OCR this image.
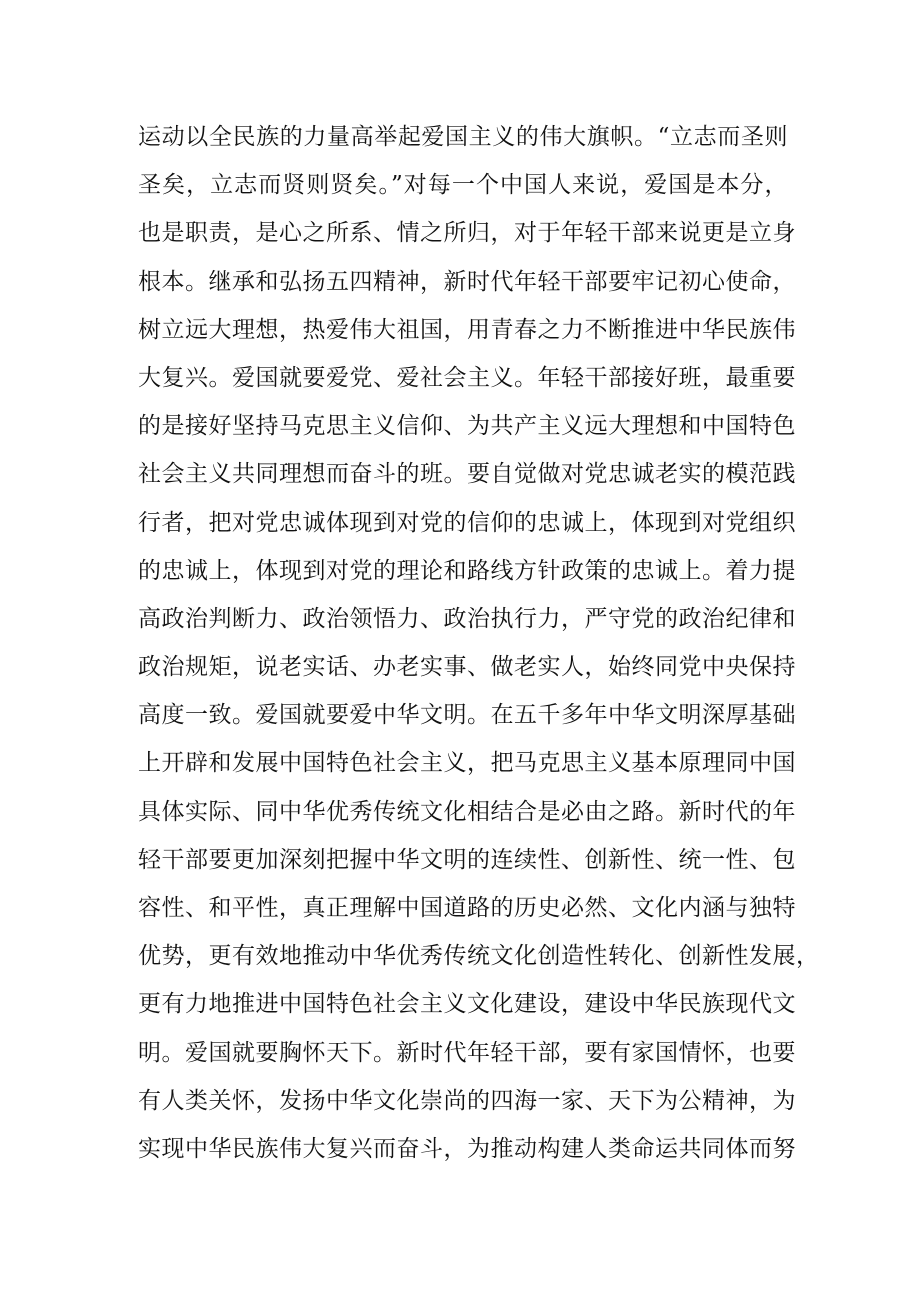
运动以全民族的力量高举起爱国主义的伟大旗帜。“立志而圣则
圣矣，立志而贤则贤矣。”对每一个中国人来说，爱国是本分，
也是职责，是心之所系、情之所归，对于年轻干部来说更是立身
根本。继承和弘扬五四精神，新时代年轻干部要牢记初心使命，
树立远大理想，热爱伟大祖国，用青春之力不断推进中华民族伟
大复兴。爱国就要爱党、爱社会主义。年轻干部接好班，最重要
的是接好坚持马克思主义信仰、为共产主义远大理想和中国特色
社会主义共同理想而奋斗的班。要自觉做对党忠诚老实的模范践
行者，把对党忠诚体现到对党的信仰的忠诚上，体现到对党组织
的忠诚上，体现到对党的理论和路线方针政策的忠诚上。着力提
高政治判断力、政治领悟力、政治执行力，严守党的政治纪律和
政治规矩，说老实话、办老实事、做老实人，始终同党中央保持
高度一致。爱国就要爱中华文明。在五千多年中华文明深厚基础
上开辟和发展中国特色社会主义，把马克思主义基本原理同中国
具体实际、同中华优秀传统文化相结合是必由之路。新时代的年
轻干部要更加深刻把握中华文明的连续性、创新性、统一性、包
容性、和平性，真正理解中国道路的历史必然、文化内涵与独特
优势，更有效地推动中华优秀传统文化创造性转化、创新性发展，
更有力地推进中国特色社会主义文化建设，建设中华民族现代文
明。爱国就要胸怀天下。新时代年轻干部，要有家国情怀，也要
有人类关怀，发扬中华文化崇尚的四海一家、天下为公精神，为
实现中华民族伟大复兴而奋斗，为推动构建人类命运共同体而努
